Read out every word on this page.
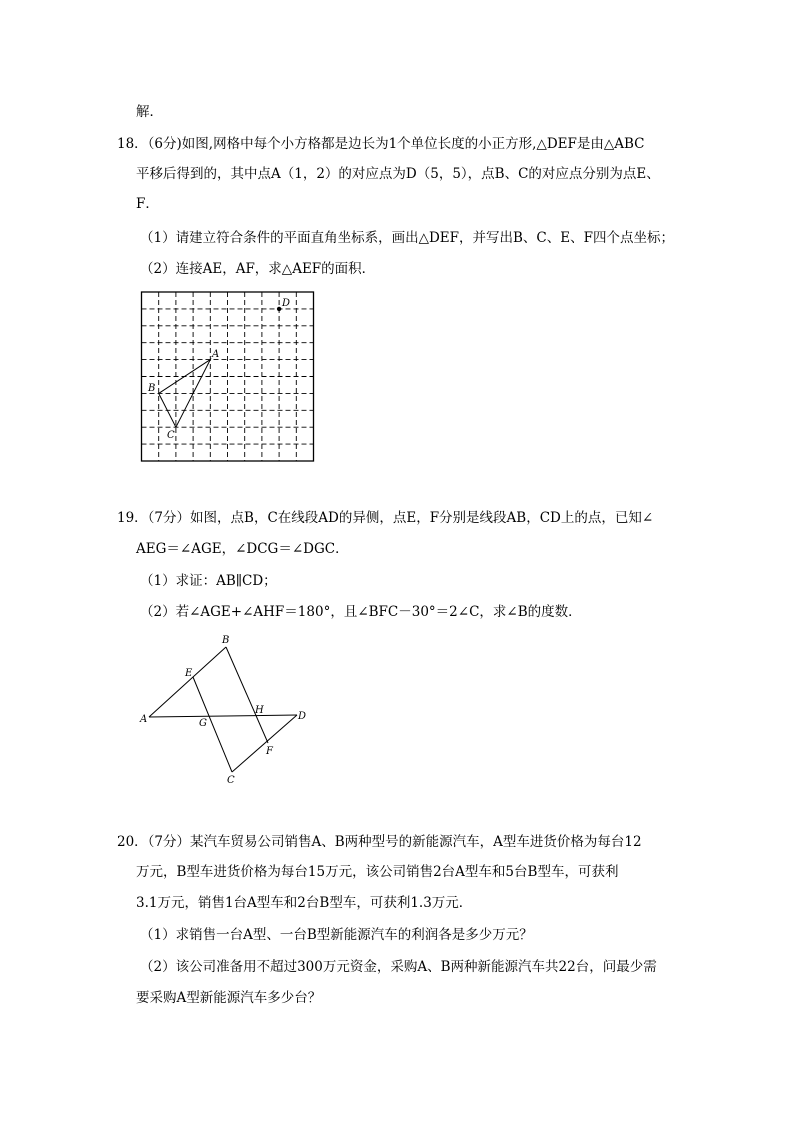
解．
18．（6分)如图,网格中每个小方格都是边长为1个单位长度的小正方形,△DEF是由△ABC
平移后得到的，其中点A（1，2）的对应点为D（5，5），点B、C的对应点分别为点E、
F．
（1）请建立符合条件的平面直角坐标系，画出△DEF，并写出B、C、E、F四个点坐标；
（2）连接AE，AF，求△AEF的面积．
A
B
C
D
19．（7分）如图，点B，C在线段AD的异侧，点E，F分别是线段AB，CD上的点，已知∠
AEG＝∠AGE，∠DCG＝∠DGC．
（1）求证：AB∥CD；
（2）若∠AGE+∠AHF＝180°，且∠BFC－30°＝2∠C，求∠B的度数．
B
E
A	G
H
D
F
C
20．（7分）某汽车贸易公司销售A、B两种型号的新能源汽车，A型车进货价格为每台12
万元，B型车进货价格为每台15万元，该公司销售2台A型车和5台B型车，可获利
3.1万元，销售1台A型车和2台B型车，可获利1.3万元．
（1）求销售一台A型、一台B型新能源汽车的利润各是多少万元？
（2）该公司准备用不超过300万元资金，采购A、B两种新能源汽车共22台，问最少需
要采购A型新能源汽车多少台？
